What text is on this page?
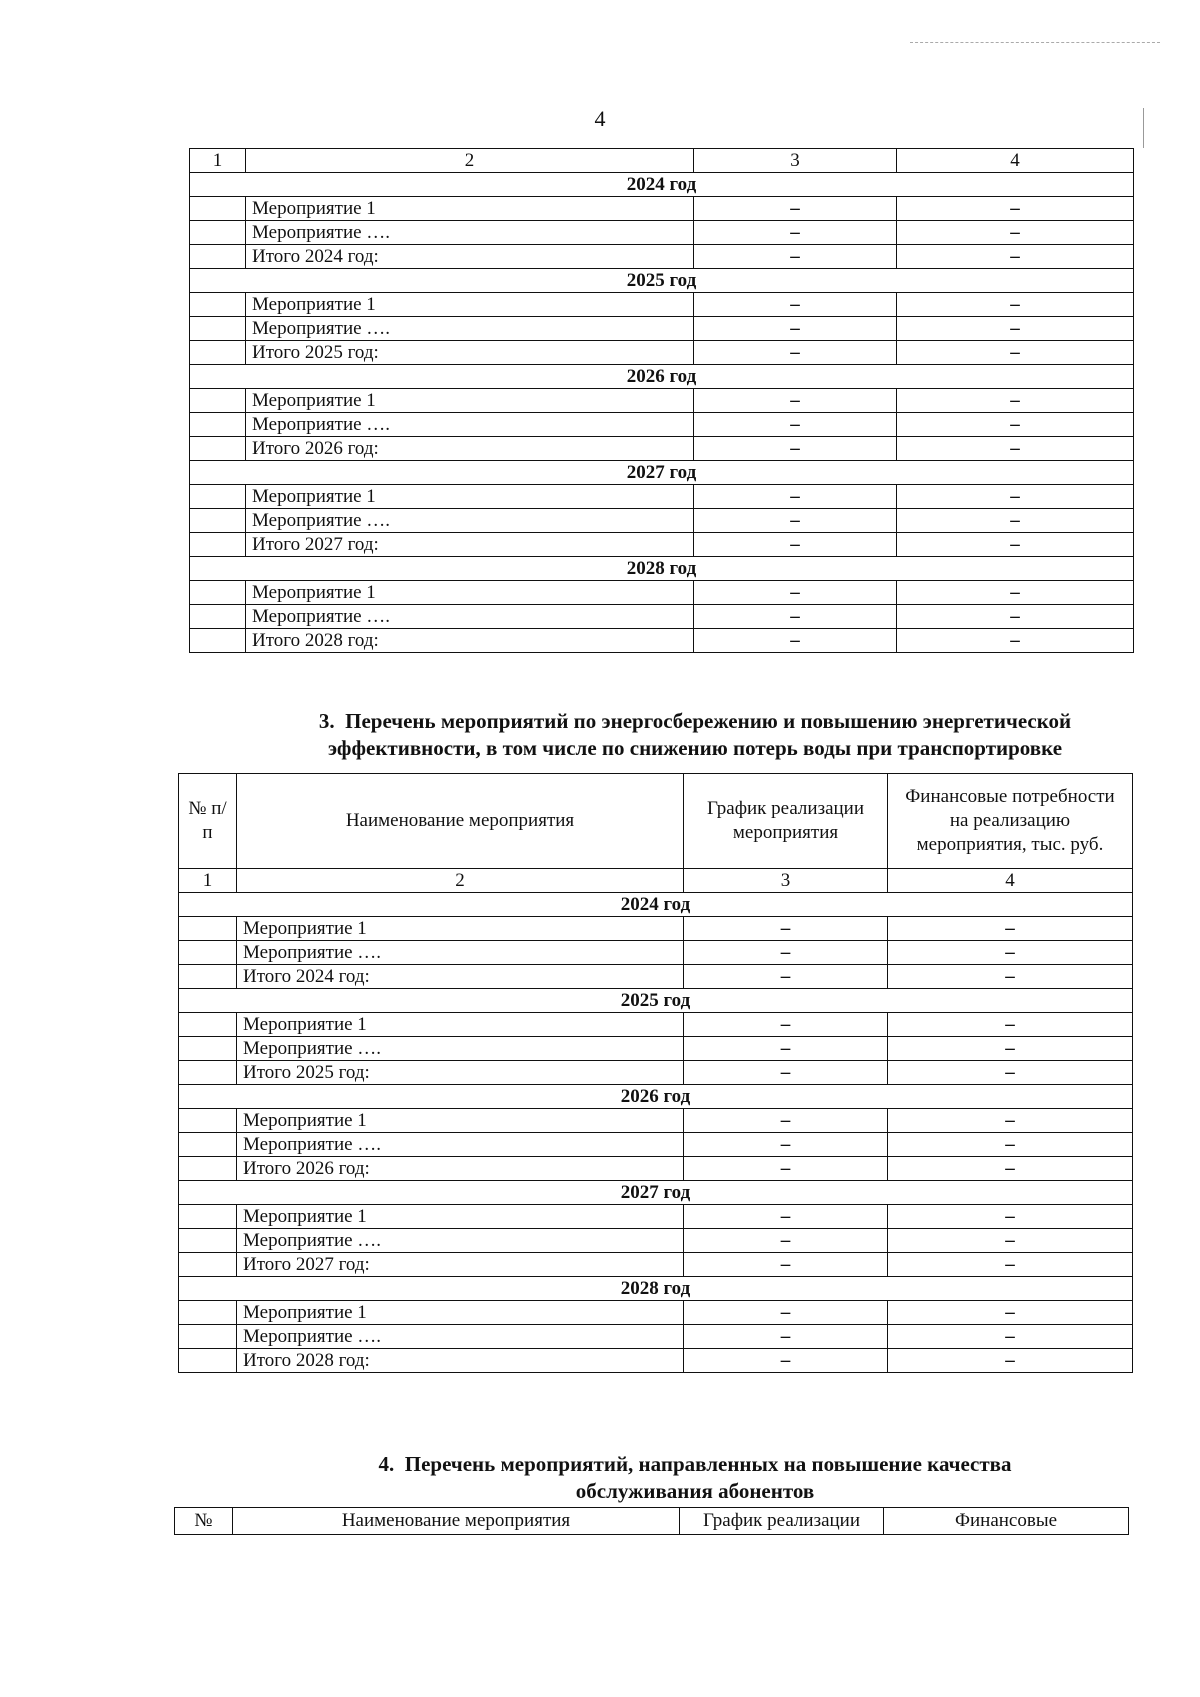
4
1	2	3	4
2024 год			
	Мероприятие 1	–	–
	Мероприятие ….	–	–
	Итого 2024 год:	–	–
2025 год			
	Мероприятие 1	–	–
	Мероприятие ….	–	–
	Итого 2025 год:	–	–
2026 год			
	Мероприятие 1	–	–
	Мероприятие ….	–	–
	Итого 2026 год:	–	–
2027 год			
	Мероприятие 1	–	–
	Мероприятие ….	–	–
	Итого 2027 год:	–	–
2028 год			
	Мероприятие 1	–	–
	Мероприятие ….	–	–
	Итого 2028 год:	–	–
3. Перечень мероприятий по энергосбережению и повышению энергетической
эффективности, в том числе по снижению потерь воды при транспортировке
№ п/п	Наименование мероприятия	График реализации мероприятия	Финансовые потребности на реализацию мероприятия, тыс. руб.
1	2	3	4
2024 год			
	Мероприятие 1	–	–
	Мероприятие ….	–	–
	Итого 2024 год:	–	–
2025 год			
	Мероприятие 1	–	–
	Мероприятие ….	–	–
	Итого 2025 год:	–	–
2026 год			
	Мероприятие 1	–	–
	Мероприятие ….	–	–
	Итого 2026 год:	–	–
2027 год			
	Мероприятие 1	–	–
	Мероприятие ….	–	–
	Итого 2027 год:	–	–
2028 год			
	Мероприятие 1	–	–
	Мероприятие ….	–	–
	Итого 2028 год:	–	–
4. Перечень мероприятий, направленных на повышение качества
обслуживания абонентов
№	Наименование мероприятия	График реализации	Финансовые
